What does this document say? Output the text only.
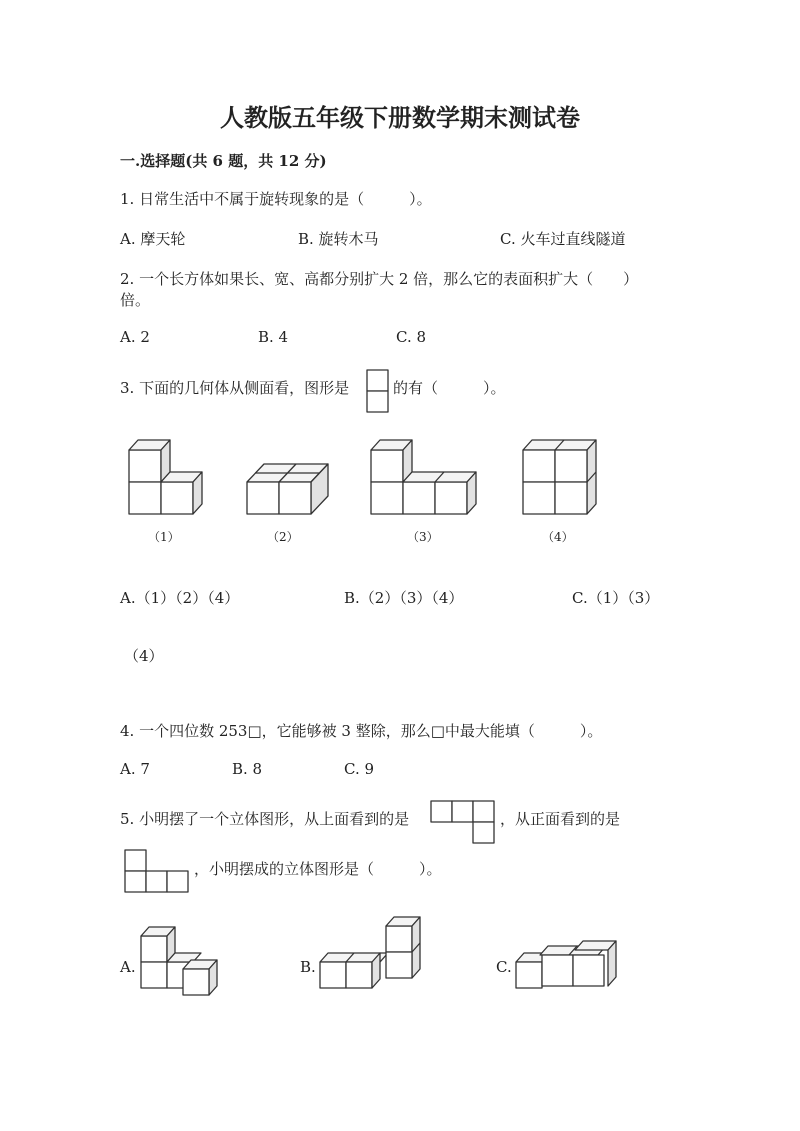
人教版五年级下册数学期末测试卷
一.选择题(共 6 题，共 12 分)
1. 日常生活中不属于旋转现象的是（　　　）。
A. 摩天轮	B. 旋转木马	C. 火车过直线隧道
2. 一个长方体如果长、宽、高都分别扩大 2 倍，那么它的表面积扩大（　　）
倍。
A. 2	B. 4	C. 8
3. 下面的几何体从侧面看，图形是	的有（　　　）。
（1）	（2）	（3）	（4）
A.（1）（2）（4）	B.（2）（3）（4）	C.（1）（3）
（4）
4. 一个四位数 253□，它能够被 3 整除，那么□中最大能填（　　　）。
A. 7	B. 8	C. 9
5. 小明摆了一个立体图形，从上面看到的是	，从正面看到的是
，小明摆成的立体图形是（　　　）。
A.	B.	C.
